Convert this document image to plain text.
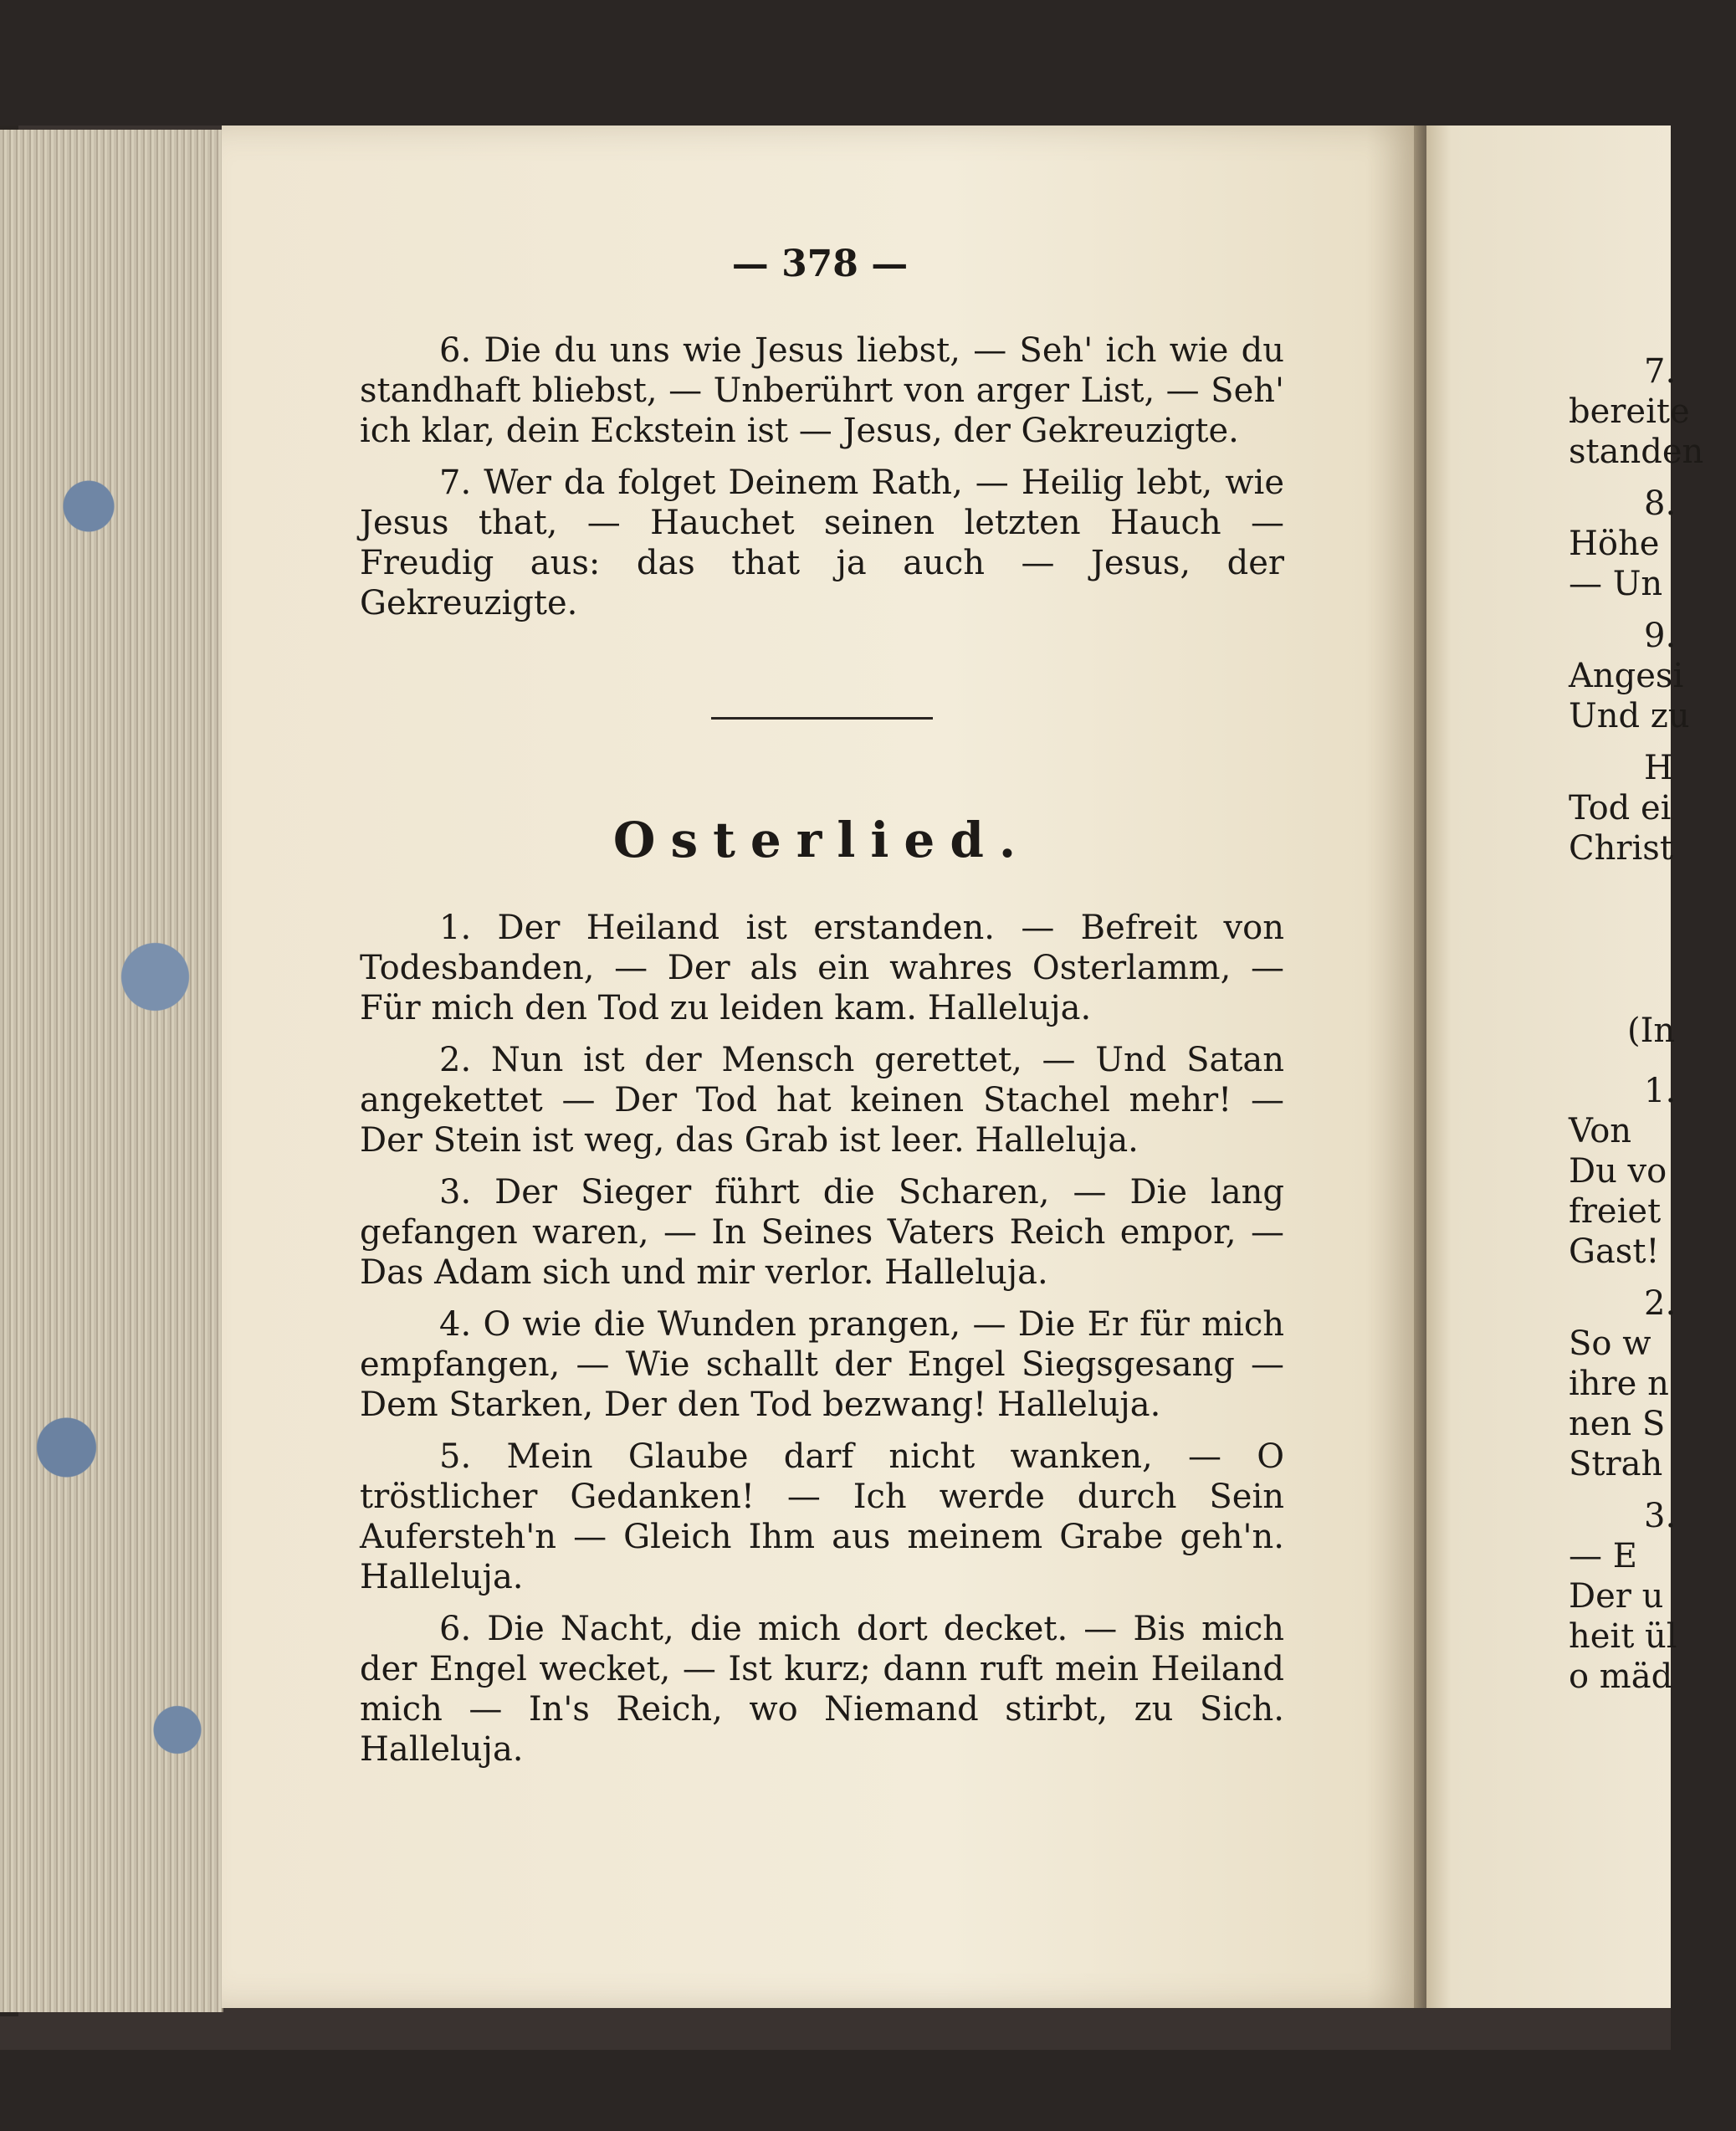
— 378 —

6. Die du uns wie Jesus liebst, — Seh' ich wie du standhaft bliebst, — Unberührt von arger List, — Seh' ich klar, dein Eckstein ist — Jesus, der Gekreuzigte.

7. Wer da folget Deinem Rath, — Heilig lebt, wie Jesus that, — Hauchet seinen letzten Hauch — Freudig aus: das that ja auch — Jesus, der Gekreuzigte.

Osterlied.

1. Der Heiland ist erstanden. — Befreit von Todesbanden, — Der als ein wahres Osterlamm, — Für mich den Tod zu leiden kam. Halleluja.

2. Nun ist der Mensch gerettet, — Und Satan angekettet — Der Tod hat keinen Stachel mehr! — Der Stein ist weg, das Grab ist leer. Halleluja.

3. Der Sieger führt die Scharen, — Die lang gefangen waren, — In Seines Vaters Reich empor, — Das Adam sich und mir verlor. Halleluja.

4. O wie die Wunden prangen, — Die Er für mich empfangen, — Wie schallt der Engel Siegsgesang — Dem Starken, Der den Tod bezwang! Halleluja.

5. Mein Glaube darf nicht wanken, — O tröstlicher Gedanken! — Ich werde durch Sein Aufersteh'n — Gleich Ihm aus meinem Grabe geh'n. Halleluja.

6. Die Nacht, die mich dort decket. — Bis mich der Engel wecket, — Ist kurz; dann ruft mein Heiland mich — In's Reich, wo Niemand stirbt, zu Sich. Halleluja.

7.
bereite
standen
8.
Höhe
— Un
9.
Angesi
Und zu
H
Tod ei
Christ
(In
1.
Von
Du vo
freiet
Gast!
2.
So w
ihre n
nen S
Strah
3.
— E
Der u
heit ül
o mäd
